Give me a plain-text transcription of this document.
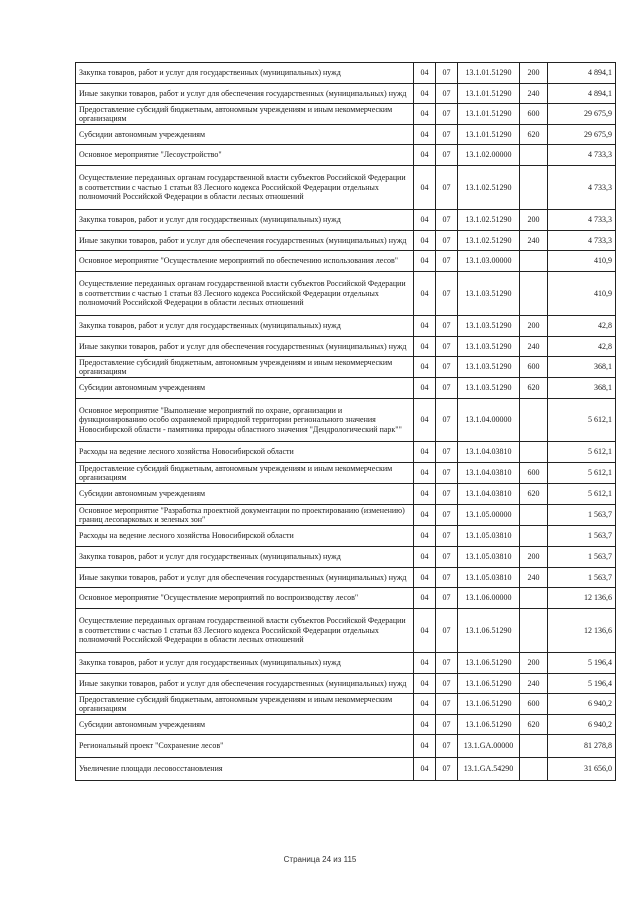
Закупка товаров, работ и услуг для государственных (муниципальных) нужд	04	07	13.1.01.51290	200	4 894,1
Иные закупки товаров, работ и услуг для обеспечения государственных (муниципальных) нужд	04	07	13.1.01.51290	240	4 894,1
Предоставление субсидий бюджетным, автономным учреждениям и иным некоммерческим организациям	04	07	13.1.01.51290	600	29 675,9
Субсидии автономным учреждениям	04	07	13.1.01.51290	620	29 675,9
Основное мероприятие "Лесоустройство"	04	07	13.1.02.00000		4 733,3
Осуществление переданных органам государственной власти субъектов Российской Федерации в соответствии с частью 1 статьи 83 Лесного кодекса Российской Федерации отдельных полномочий Российской Федерации в области лесных отношений	04	07	13.1.02.51290		4 733,3
Закупка товаров, работ и услуг для государственных (муниципальных) нужд	04	07	13.1.02.51290	200	4 733,3
Иные закупки товаров, работ и услуг для обеспечения государственных (муниципальных) нужд	04	07	13.1.02.51290	240	4 733,3
Основное мероприятие "Осуществление мероприятий по обеспечению использования лесов"	04	07	13.1.03.00000		410,9
Осуществление переданных органам государственной власти субъектов Российской Федерации в соответствии с частью 1 статьи 83 Лесного кодекса Российской Федерации отдельных полномочий Российской Федерации в области лесных отношений	04	07	13.1.03.51290		410,9
Закупка товаров, работ и услуг для государственных (муниципальных) нужд	04	07	13.1.03.51290	200	42,8
Иные закупки товаров, работ и услуг для обеспечения государственных (муниципальных) нужд	04	07	13.1.03.51290	240	42,8
Предоставление субсидий бюджетным, автономным учреждениям и иным некоммерческим организациям	04	07	13.1.03.51290	600	368,1
Субсидии автономным учреждениям	04	07	13.1.03.51290	620	368,1
Основное мероприятие "Выполнение мероприятий по охране, организации и функционированию особо охраняемой природной территории регионального значения Новосибирской области - памятника природы областного значения "Дендрологический парк""	04	07	13.1.04.00000		5 612,1
Расходы на ведение лесного хозяйства Новосибирской области	04	07	13.1.04.03810		5 612,1
Предоставление субсидий бюджетным, автономным учреждениям и иным некоммерческим организациям	04	07	13.1.04.03810	600	5 612,1
Субсидии автономным учреждениям	04	07	13.1.04.03810	620	5 612,1
Основное мероприятие "Разработка проектной документации по проектированию (изменению) границ лесопарковых и зеленых зон"	04	07	13.1.05.00000		1 563,7
Расходы на ведение лесного хозяйства Новосибирской области	04	07	13.1.05.03810		1 563,7
Закупка товаров, работ и услуг для государственных (муниципальных) нужд	04	07	13.1.05.03810	200	1 563,7
Иные закупки товаров, работ и услуг для обеспечения государственных (муниципальных) нужд	04	07	13.1.05.03810	240	1 563,7
Основное мероприятие "Осуществление мероприятий по воспроизводству лесов"	04	07	13.1.06.00000		12 136,6
Осуществление переданных органам государственной власти субъектов Российской Федерации в соответствии с частью 1 статьи 83 Лесного кодекса Российской Федерации отдельных полномочий Российской Федерации в области лесных отношений	04	07	13.1.06.51290		12 136,6
Закупка товаров, работ и услуг для государственных (муниципальных) нужд	04	07	13.1.06.51290	200	5 196,4
Иные закупки товаров, работ и услуг для обеспечения государственных (муниципальных) нужд	04	07	13.1.06.51290	240	5 196,4
Предоставление субсидий бюджетным, автономным учреждениям и иным некоммерческим организациям	04	07	13.1.06.51290	600	6 940,2
Субсидии автономным учреждениям	04	07	13.1.06.51290	620	6 940,2
Региональный проект "Сохранение лесов"	04	07	13.1.GA.00000		81 278,8
Увеличение площади лесовосстановления	04	07	13.1.GA.54290		31 656,0
Страница 24 из 115
